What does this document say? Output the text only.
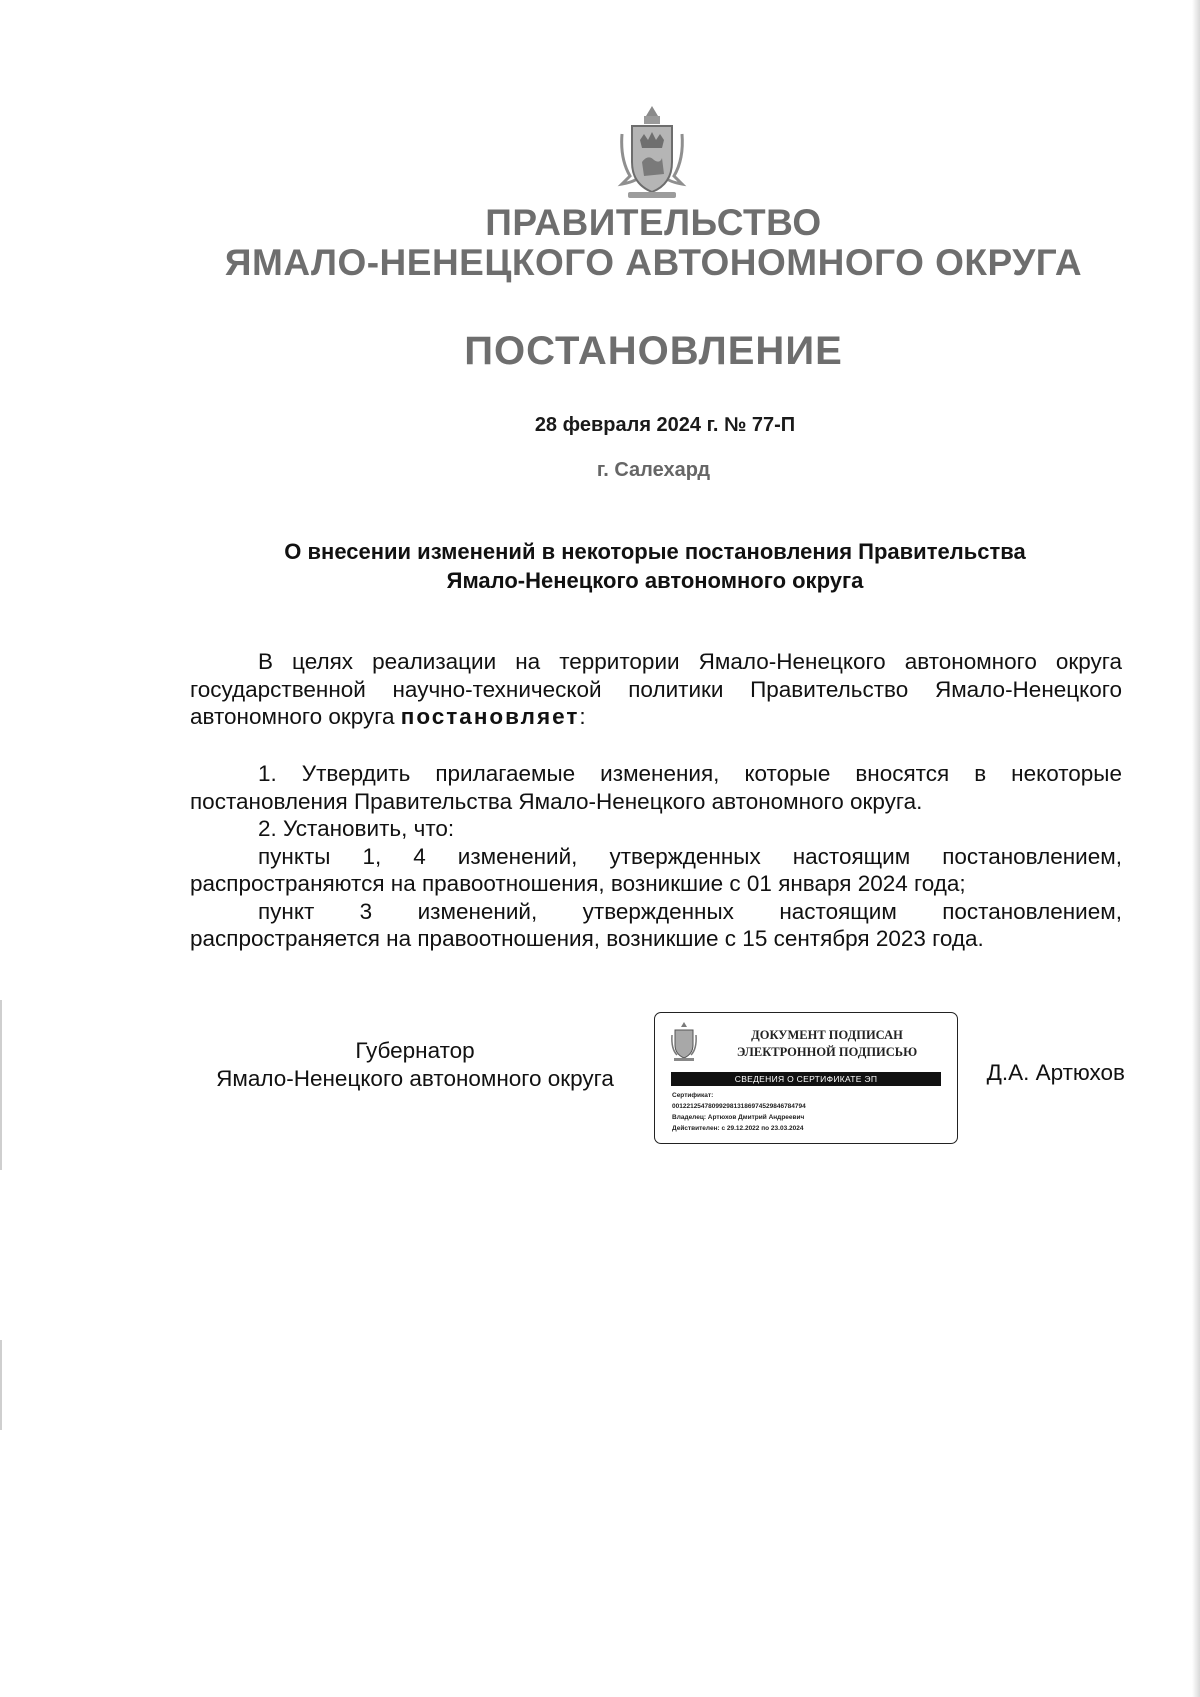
ПРАВИТЕЛЬСТВО
ЯМАЛО-НЕНЕЦКОГО АВТОНОМНОГО ОКРУГА
ПОСТАНОВЛЕНИЕ
28 февраля 2024 г. № 77-П
г. Салехард
О внесении изменений в некоторые постановления Правительства
Ямало-Ненецкого автономного округа

В целях реализации на территории Ямало-Ненецкого автономного округа государственной научно-технической политики Правительство Ямало-Ненецкого автономного округа постановляет:

1. Утвердить прилагаемые изменения, которые вносятся в некоторые постановления Правительства Ямало-Ненецкого автономного округа.

2. Установить, что:

пункты 1, 4 изменений, утвержденных настоящим постановлением, распространяются на правоотношения, возникшие с 01 января 2024 года;

пункт 3 изменений, утвержденных настоящим постановлением, распространяется на правоотношения, возникшие с 15 сентября 2023 года.

Губернатор
Ямало-Ненецкого автономного округа
ДОКУМЕНТ ПОДПИСАН
ЭЛЕКТРОННОЙ ПОДПИСЬЮ
СВЕДЕНИЯ О СЕРТИФИКАТЕ ЭП
Сертификат:
0012212547809929813186974529846784794
Владелец: Артюхов Дмитрий Андреевич
Действителен: с 29.12.2022 по 23.03.2024
Д.А. Артюхов
